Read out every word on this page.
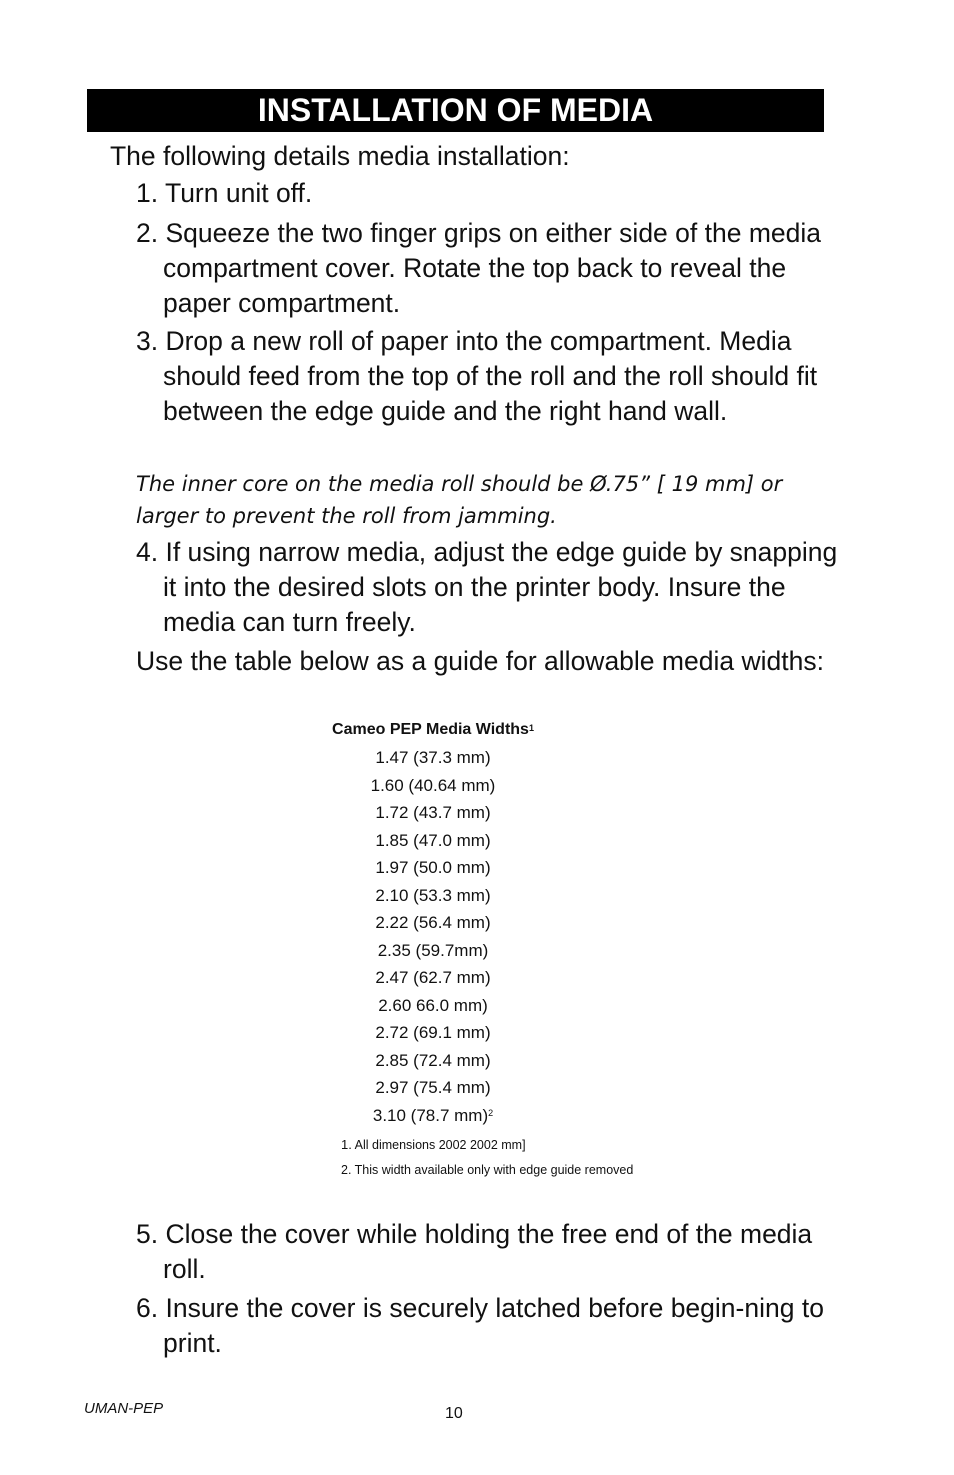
INSTALLATION OF MEDIA
The following details media installation:
1. Turn unit off.
2. Squeeze the two finger grips on either side of the media compartment cover. Rotate the top back to reveal the paper compartment.
3. Drop a new roll of paper into the compartment. Media should feed from the top of the roll and the roll should fit between the edge guide and the right hand wall.
The inner core on the media roll should be Ø.75” [ 19 mm] or larger to prevent the roll from jamming.
4. If using narrow media, adjust the edge guide by snapping it into the desired slots on the printer body. Insure the media can turn freely.
Use the table below as a guide for allowable media widths:
Cameo PEP Media Widths$^1$
1.47 (37.3 mm)
1.60 (40.64 mm)
1.72 (43.7 mm)
1.85 (47.0 mm)
1.97 (50.0 mm)
2.10 (53.3 mm)
2.22 (56.4 mm)
2.35 (59.7mm)
2.47 (62.7 mm)
2.60 66.0 mm)
2.72 (69.1 mm)
2.85 (72.4 mm)
2.97 (75.4 mm)
3.10 (78.7 mm)$^2$
1. All dimensions 2002 2002 mm]
2. This width available only with edge guide removed
5. Close the cover while holding the free end of the media roll.
6. Insure the cover is securely latched before begin-ning to print.
UMAN-PEP	10
